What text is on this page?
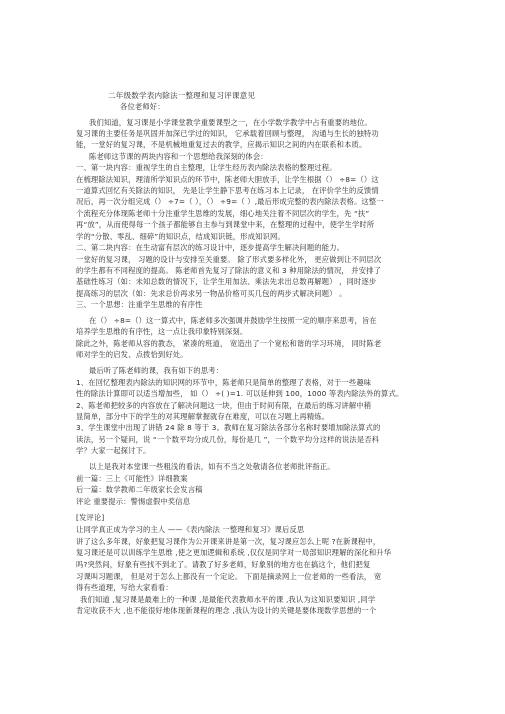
二年级数学表内除法一整理和复习评课意见
各位老师好：
我们知道，复习课是小学课堂教学重要课型之一，在小学数学教学中占有重要的地位。
复习课的主要任务是巩固并加深已学过的知识， 它承载着回顾与整理， 沟通与生长的独特功
能，一堂好的复习课，不是机械地重复过去的教学，应揭示知识之间的内在联系和本质。
陈老师这节课的两块内容和一个思想给我深刻的体会：
一、第一块内容：重视学生的自主整理，让学生经历表内除法表格的整理过程。
在梳理除法知识，理清所学知识点的环节中，陈老师大胆放手，让学生根据（） ÷8=（）这
一道算式回忆有关除法的知识， 先是让学生静下思考在练习本上记录， 在评价学生的反馈情
况后，再一次分组完成（） ÷7=（ ），（） ÷9=（ ）,最后形成完整的表内除法表格。这整一
个流程充分体现陈老师十分注重学生思维的发展，细心地关注着不同层次的学生，先 “扶”
再“放”，从而使得每一个孩子都能够自主参与到课堂中来，在整理的过程中，使学生学时所
学的“分散、零乱、细碎”的知识点，结成知识链，形成知识网。
二、第二块内容：在生动富有层次的练习设计中，逐步提高学生解决问题的能力。
一堂好的复习课， 习题的设计与安排至关重要。 除了形式要多样化外， 更应做到让不同层次
的学生都有不同程度的提高。 陈老师首先复习了除法的意义和 3 种用除法的情况， 并安排了
基础性练习（如：未知总数的情况下，让学生用加法、乘法先求出总数再解题） ，同时逐步
提高练习的层次（如：先求总价再求另一物品价格可买几包的两步式解决问题） 。
三、一个思想：注重学生思维的有序性
在（） ÷8=（）这一算式中，陈老师多次强调并鼓励学生按照一定的顺序来思考，旨在
培养学生思维的有序性，这一点让我印象特别深刻。
除此之外，陈老师从容的教态， 紧凑的班道， 宽造出了一个宽松和谐的学习环境， 同时陈老
师对学生的启发、点拨恰到好处。
最后听了陈老师的课，我有如下的思考：
1、在回忆整理表内除法的知识网的环节中，陈老师只是简单的整理了表格，对于一些趣味
性的除法计算即可以适当增加些， 如（） ÷( )=1. 可以延伸到 100，1000 等表内除法外的算式。
2、陈老师把较多的内容放在了解决问题这一块，但由于时间有限，在最后的练习讲解中稍
显简单，部分中下的学生的对其理解掌握就存在难度，可以在习题上再精炼。
3、学生课堂中出现了讲错 24 除 8 等于 3。教师在复习除法各部分名称时要增加除法算式的
读法，另一个疑问，说 “一个数平均分成几份，每份是几 ”，一个数平均分这样的说法是否科
学？大家一起探讨下。
以上是我对本堂课一些粗浅的看法，如有不当之处敬请各位老师批评指正。
前一篇：三上《可能性》详细教案
后一篇：数学教师二年级家长会发言稿
评论 重要提示：警惕虚假中奖信息
[发评论]
让同学真正成为学习的主人 ——《表内除法 一整理和复习》课后反思
讲了这么多年课，好象把复习课作为公开课来讲是第一次，复习课应怎么上呢 ?在新课程中，
复习课还是可以训练学生思维 ,使之更加逻辑和系统 ,仅仅是同学对一局部知识理解的深化和升华
吗?突然间，好象有些找不到北了。请教了好多老师，好象别的地方也在搞这个，他们把复
习课叫习题课， 但是对于怎么上都没有一个定论。 下面是摘录网上一位老师的一些看法， 宽
得有些道理，写给大家看看：
我们知道 ,复习课是最难上的一种课 ,是最能代表教师水平的课 ,我认为这知识要知识 ,同学
肯定收获不大 ,也不能很好地体现新课程的理念 ,我认为设计的关键是要体现数学思想的一个
